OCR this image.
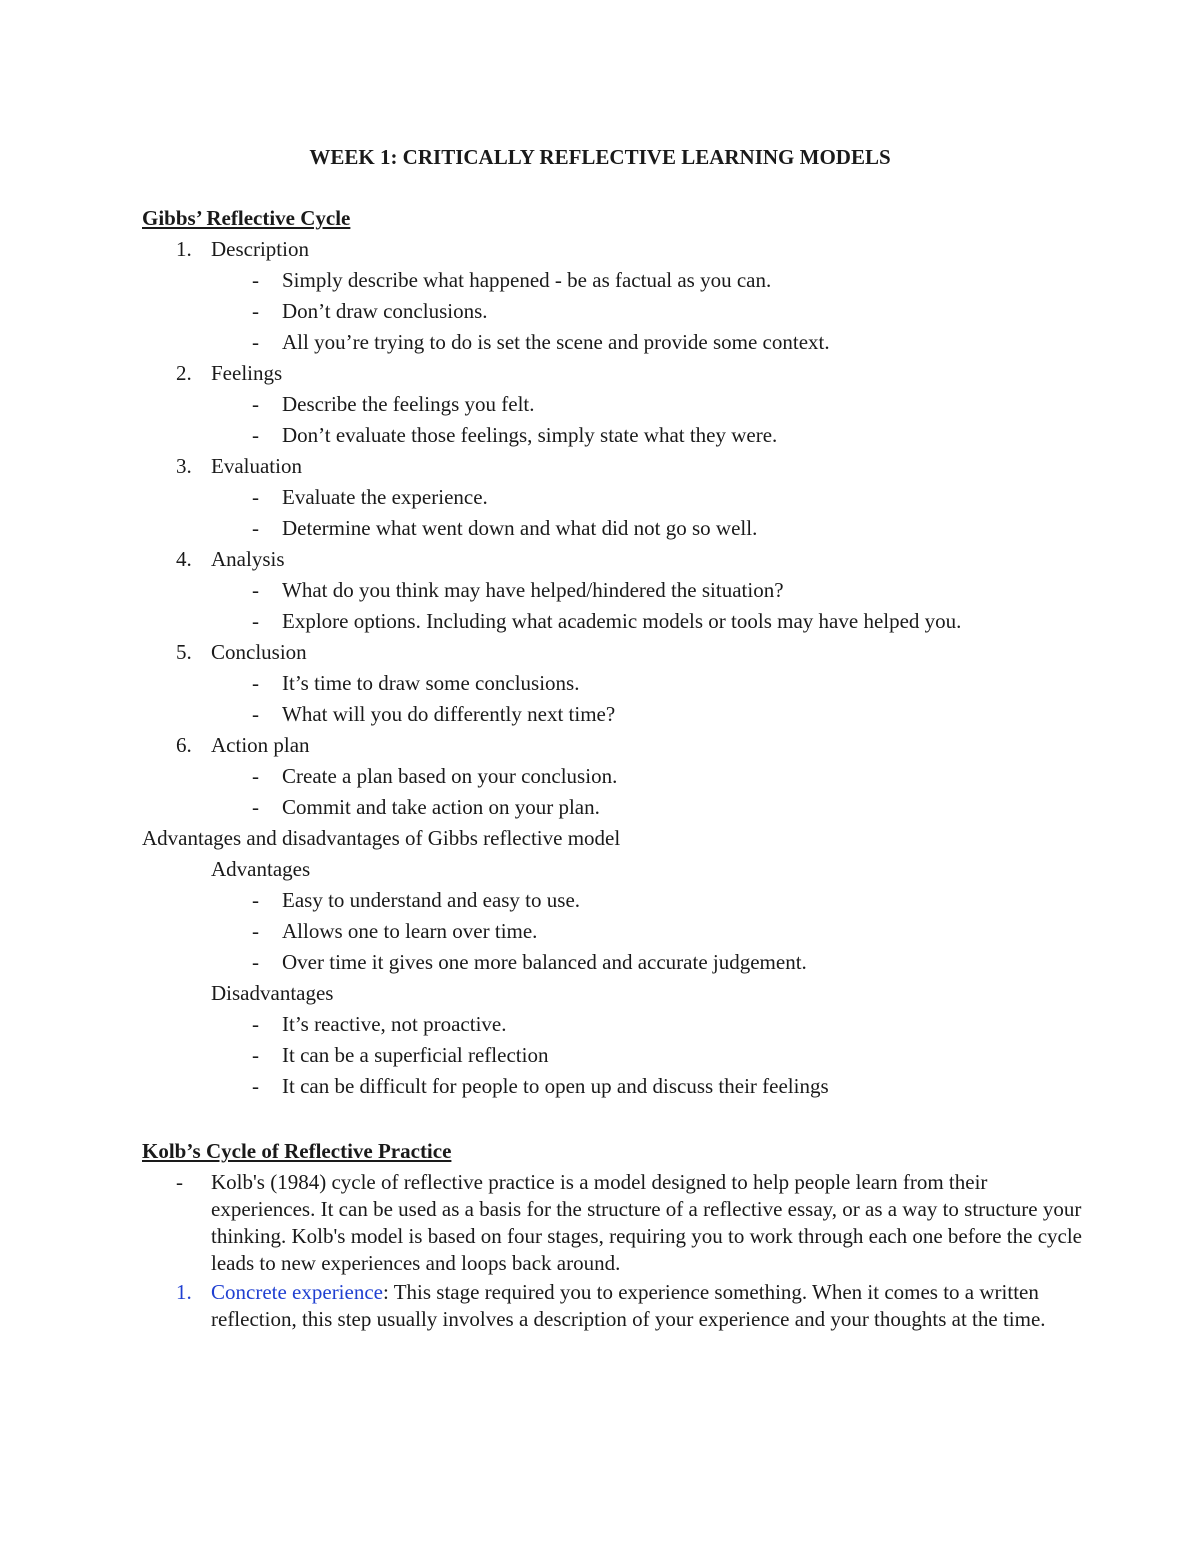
WEEK 1: CRITICALLY REFLECTIVE LEARNING MODELS
Gibbs’ Reflective Cycle
1. Description
- Simply describe what happened - be as factual as you can.
- Don’t draw conclusions.
- All you’re trying to do is set the scene and provide some context.
2. Feelings
- Describe the feelings you felt.
- Don’t evaluate those feelings, simply state what they were.
3. Evaluation
- Evaluate the experience.
- Determine what went down and what did not go so well.
4. Analysis
- What do you think may have helped/hindered the situation?
- Explore options. Including what academic models or tools may have helped you.
5. Conclusion
- It’s time to draw some conclusions.
- What will you do differently next time?
6. Action plan
- Create a plan based on your conclusion.
- Commit and take action on your plan.
Advantages and disadvantages of Gibbs reflective model
Advantages
- Easy to understand and easy to use.
- Allows one to learn over time.
- Over time it gives one more balanced and accurate judgement.
Disadvantages
- It’s reactive, not proactive.
- It can be a superficial reflection
- It can be difficult for people to open up and discuss their feelings
Kolb’s Cycle of Reflective Practice
- Kolb's (1984) cycle of reflective practice is a model designed to help people learn from their experiences. It can be used as a basis for the structure of a reflective essay, or as a way to structure your thinking. Kolb's model is based on four stages, requiring you to work through each one before the cycle leads to new experiences and loops back around.
1. Concrete experience: This stage required you to experience something. When it comes to a written reflection, this step usually involves a description of your experience and your thoughts at the time.
